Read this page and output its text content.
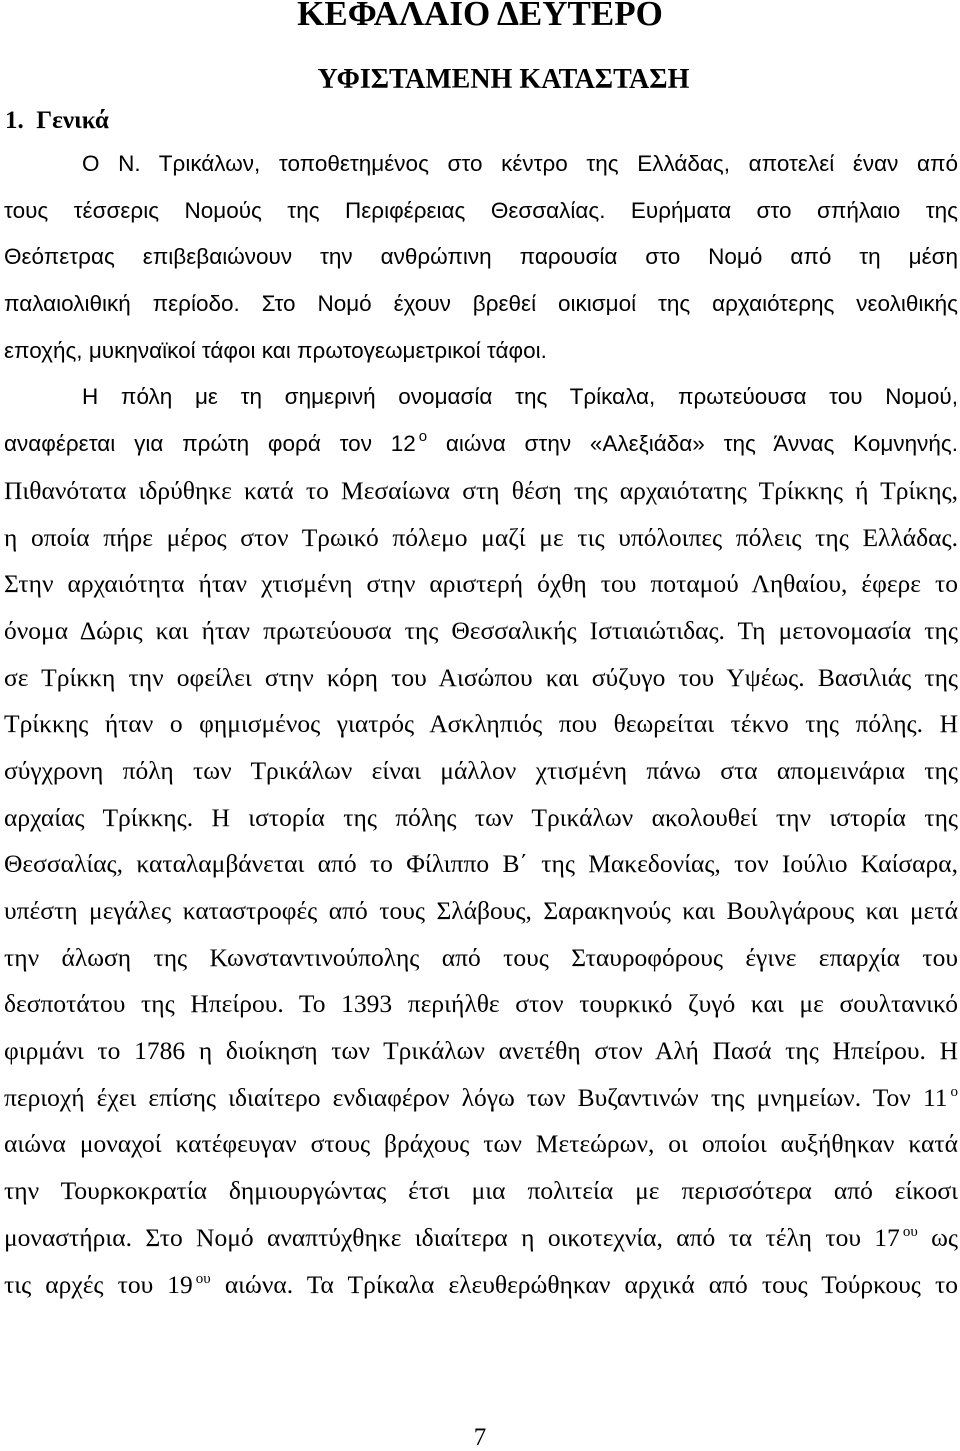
ΚΕΦΑΛΑΙΟ ΔΕΥΤΕΡΟ
ΥΦΙΣΤΑΜΕΝΗ ΚΑΤΑΣΤΑΣΗ
1.  Γενικά
Ο Ν. Τρικάλων, τοποθετημένος στο κέντρο της Ελλάδας, αποτελεί έναν από
τους τέσσερις Νομούς της Περιφέρειας Θεσσαλίας. Ευρήματα στο σπήλαιο της
Θεόπετρας επιβεβαιώνουν την ανθρώπινη παρουσία στο Νομό από τη μέση
παλαιολιθική περίοδο. Στο Νομό έχουν βρεθεί οικισμοί της αρχαιότερης νεολιθικής
εποχής, μυκηναϊκοί τάφοι και πρωτογεωμετρικοί τάφοι.
Η πόλη με τη σημερινή ονομασία της Τρίκαλα, πρωτεύουσα του Νομού,
αναφέρεται για πρώτη φορά τον 12 $^o$ αιώνα στην «Αλεξιάδα» της Άννας Κομνηνής.
Πιθανότατα ιδρύθηκε κατά το Μεσαίωνα στη θέση της αρχαιότατης Τρίκκης ή Τρίκης,
η οποία πήρε μέρος στον Τρωικό πόλεμο μαζί με τις υπόλοιπες πόλεις της Ελλάδας.
Στην αρχαιότητα ήταν χτισμένη στην αριστερή όχθη του ποταμού Ληθαίου, έφερε το
όνομα Δώρις και ήταν πρωτεύουσα της Θεσσαλικής Ιστιαιώτιδας. Τη μετονομασία της
σε Τρίκκη την οφείλει στην κόρη του Αισώπου και σύζυγο του Υψέως. Βασιλιάς της
Τρίκκης ήταν ο φημισμένος γιατρός Ασκληπιός που θεωρείται τέκνο της πόλης. Η
σύγχρονη πόλη των Τρικάλων είναι μάλλον χτισμένη πάνω στα απομεινάρια της
αρχαίας Τρίκκης. Η ιστορία της πόλης των Τρικάλων ακολουθεί την ιστορία της
Θεσσαλίας, καταλαμβάνεται από το Φίλιππο Β΄ της Μακεδονίας, τον Ιούλιο Καίσαρα,
υπέστη μεγάλες καταστροφές από τους Σλάβους, Σαρακηνούς και Βουλγάρους και μετά
την άλωση της Κωνσταντινούπολης από τους Σταυροφόρους έγινε επαρχία του
δεσποτάτου της Ηπείρου. Το 1393 περιήλθε στον τουρκικό ζυγό και με σουλτανικό
φιρμάνι το 1786 η διοίκηση των Τρικάλων ανετέθη στον Αλή Πασά της Ηπείρου. Η
περιοχή έχει επίσης ιδιαίτερο ενδιαφέρον λόγω των Βυζαντινών της μνημείων. Τον 11 $^o$
αιώνα μοναχοί κατέφευγαν στους βράχους των Μετεώρων, οι οποίοι αυξήθηκαν κατά
την Τουρκοκρατία δημιουργώντας έτσι μια πολιτεία με περισσότερα από είκοσι
μοναστήρια. Στο Νομό αναπτύχθηκε ιδιαίτερα η οικοτεχνία, από τα τέλη του 17 $^{o\upsilon}$ ως
τις αρχές του 19 $^{o\upsilon}$ αιώνα. Τα Τρίκαλα ελευθερώθηκαν αρχικά από τους Τούρκους το
7
